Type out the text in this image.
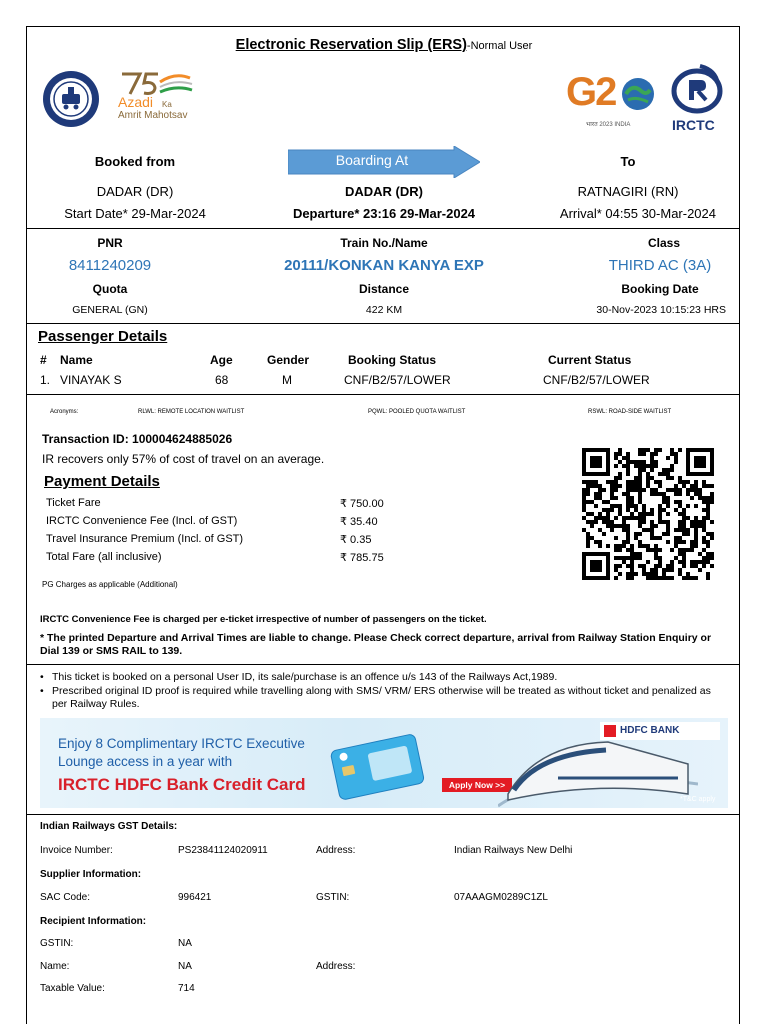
Electronic Reservation Slip (ERS)-Normal User
Azadi Ka
Amrit Mahotsav
G2
भारत 2023 INDIA	IRCTC
Booked from	Boarding At	To
DADAR (DR)	DADAR (DR)	RATNAGIRI (RN)
Start Date* 29-Mar-2024	Departure* 23:16 29-Mar-2024	Arrival* 04:55 30-Mar-2024
PNR	Train No./Name	Class
8411240209	20111/KONKAN KANYA EXP	THIRD AC (3A)
Quota	Distance	Booking Date
GENERAL (GN)	422 KM	30-Nov-2023 10:15:23 HRS
Passenger Details
# Name	Age	Gender	Booking Status	Current Status
1. VINAYAK S	68	M	CNF/B2/57/LOWER	CNF/B2/57/LOWER
Acronyms:	RLWL: REMOTE LOCATION WAITLIST	PQWL: POOLED QUOTA WAITLIST	RSWL: ROAD-SIDE WAITLIST
Transaction ID: 100004624885026
IR recovers only 57% of cost of travel on an average.
Payment Details
Ticket Fare	₹ 750.00
IRCTC Convenience Fee (Incl. of GST)	₹ 35.40
Travel Insurance Premium (Incl. of GST)	₹ 0.35
Total Fare (all inclusive)	₹ 785.75
PG Charges as applicable (Additional)
IRCTC Convenience Fee is charged per e-ticket irrespective of number of passengers on the ticket.
* The printed Departure and Arrival Times are liable to change. Please Check correct departure, arrival from Railway Station Enquiry or Dial 139 or SMS RAIL to 139.
• This ticket is booked on a personal User ID, its sale/purchase is an offence u/s 143 of the Railways Act,1989.
• Prescribed original ID proof is required while travelling along with SMS/ VRM/ ERS otherwise will be treated as without ticket and penalized as per Railway Rules.
Enjoy 8 Complimentary IRCTC Executive
Lounge access in a year with
IRCTC HDFC Bank Credit Card	Apply Now >>
HDFC BANK
*T&C apply
Indian Railways GST Details:
Invoice Number:	PS23841124020911	Address:	Indian Railways New Delhi
Supplier Information:
SAC Code:	996421	GSTIN:	07AAAGM0289C1ZL
Recipient Information:
GSTIN:	NA
Name:	NA	Address:
Taxable Value:	714
